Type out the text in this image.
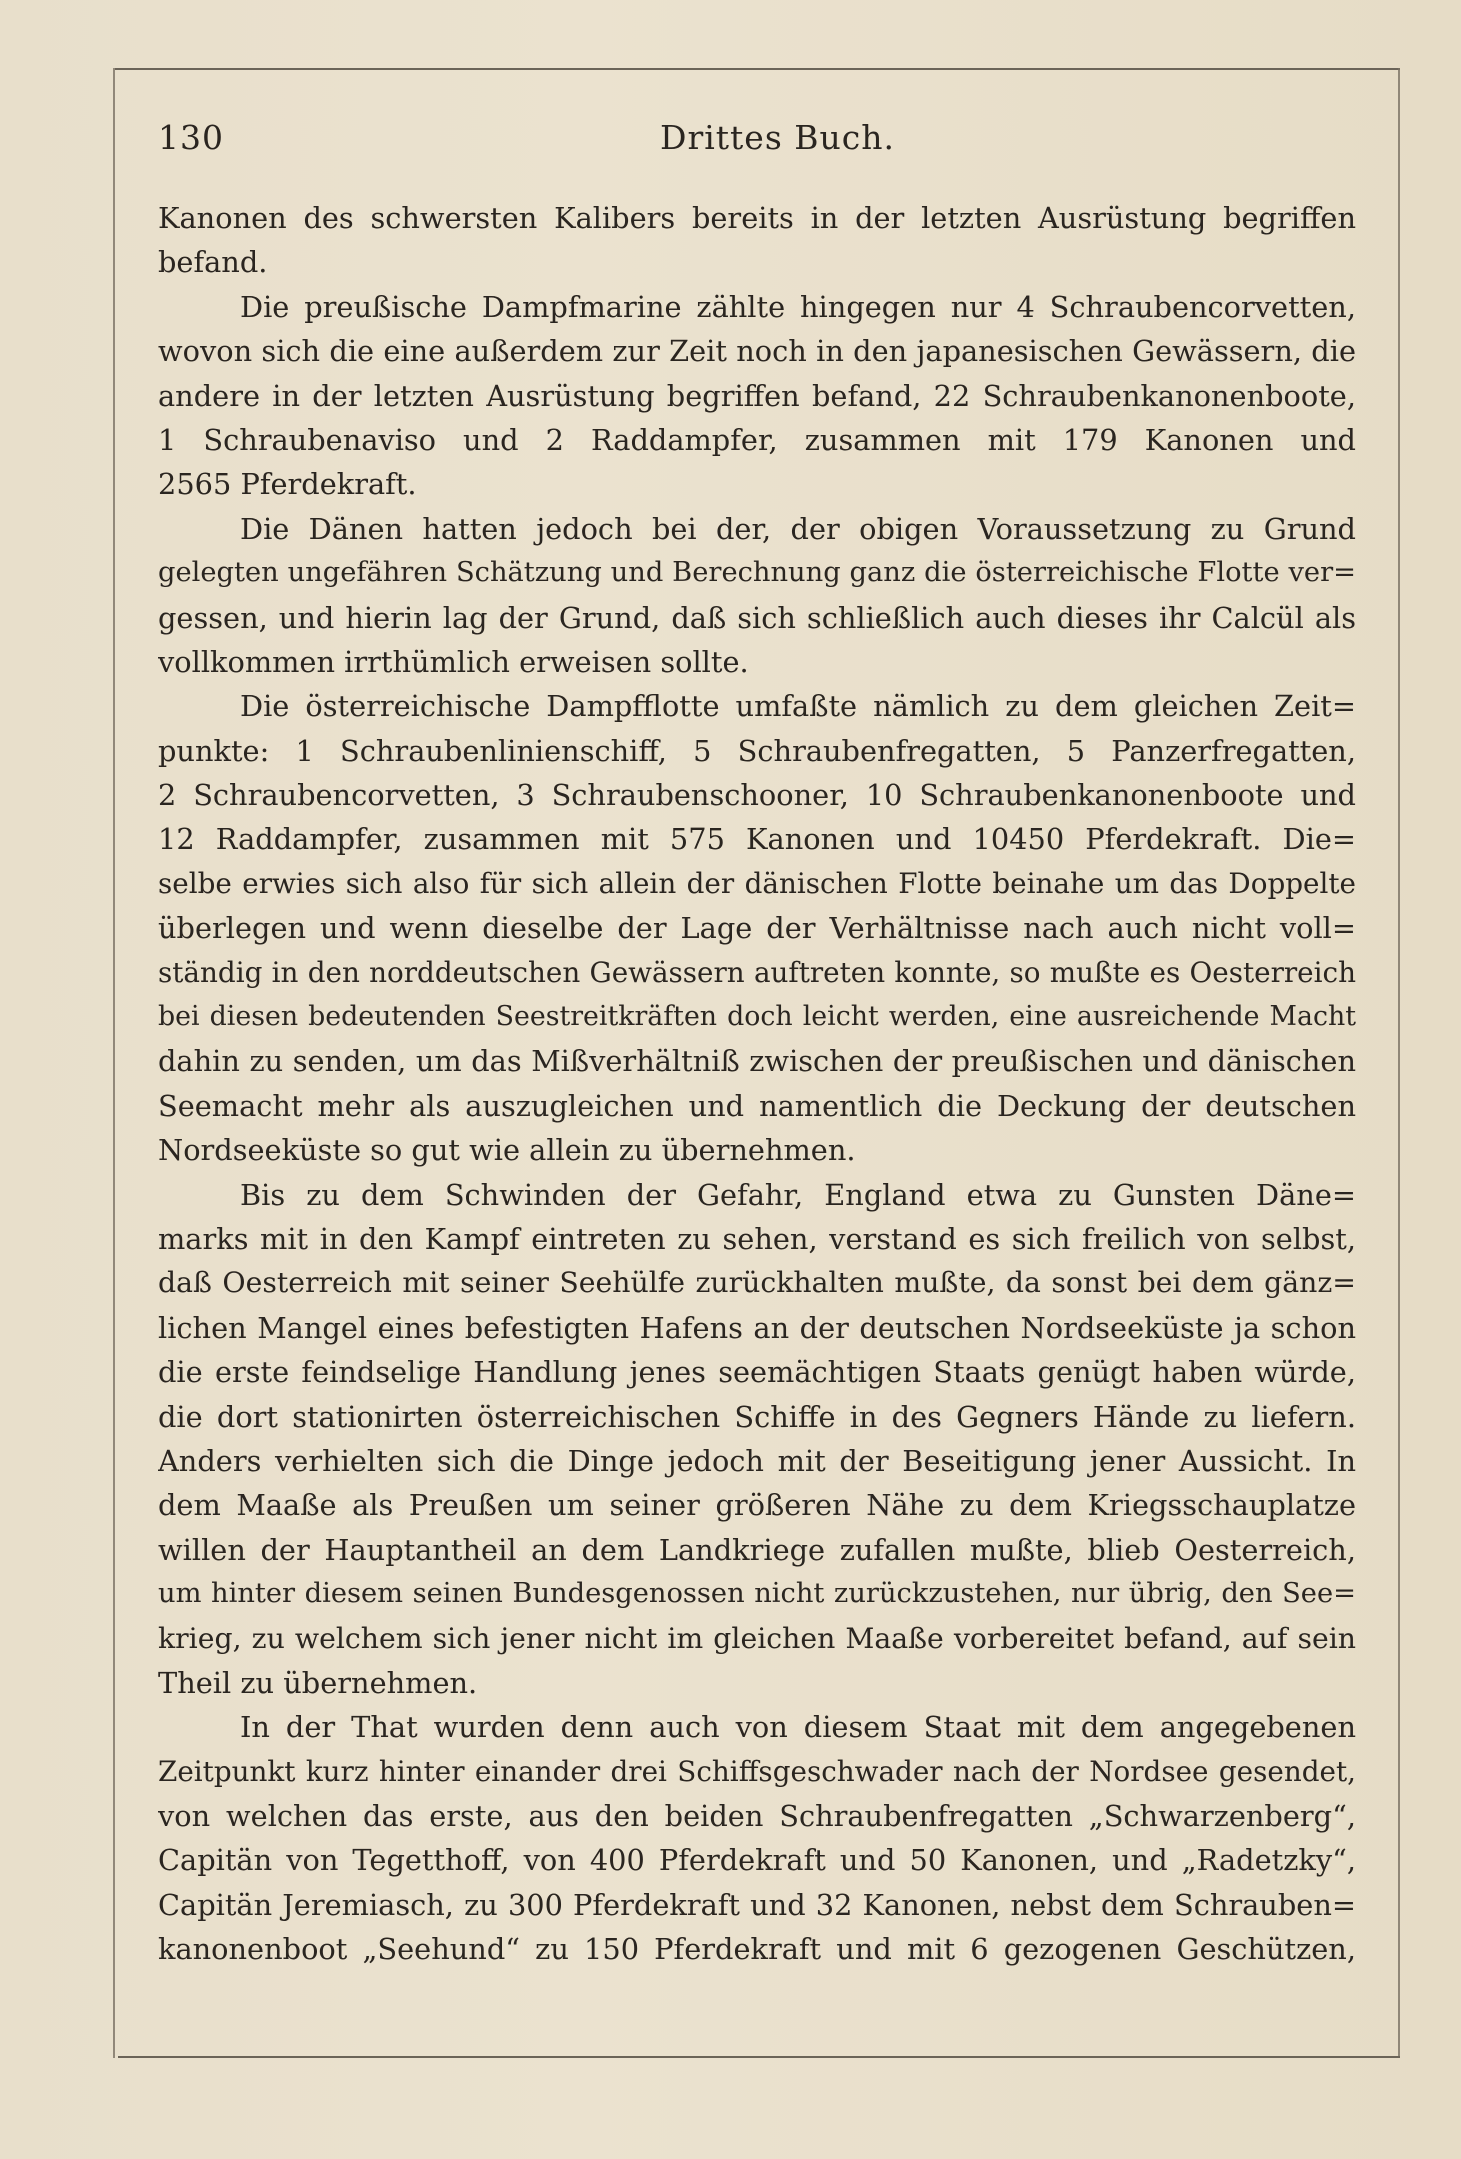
130	Drittes Buch.
Kanonen des schwersten Kalibers bereits in der letzten Ausrüstung begriffen
befand.
Die preußische Dampfmarine zählte hingegen nur 4 Schraubencorvetten,
wovon sich die eine außerdem zur Zeit noch in den japanesischen Gewässern, die
andere in der letzten Ausrüstung begriffen befand, 22 Schraubenkanonenboote,
1 Schraubenaviso und 2 Raddampfer, zusammen mit 179 Kanonen und
2565 Pferdekraft.
Die Dänen hatten jedoch bei der, der obigen Voraussetzung zu Grund
gelegten ungefähren Schätzung und Berechnung ganz die österreichische Flotte ver=
gessen, und hierin lag der Grund, daß sich schließlich auch dieses ihr Calcül als
vollkommen irrthümlich erweisen sollte.
Die österreichische Dampfflotte umfaßte nämlich zu dem gleichen Zeit=
punkte: 1 Schraubenlinienschiff, 5 Schraubenfregatten, 5 Panzerfregatten,
2 Schraubencorvetten, 3 Schraubenschooner, 10 Schraubenkanonenboote und
12 Raddampfer, zusammen mit 575 Kanonen und 10450 Pferdekraft. Die=
selbe erwies sich also für sich allein der dänischen Flotte beinahe um das Doppelte
überlegen und wenn dieselbe der Lage der Verhältnisse nach auch nicht voll=
ständig in den norddeutschen Gewässern auftreten konnte, so mußte es Oesterreich
bei diesen bedeutenden Seestreitkräften doch leicht werden, eine ausreichende Macht
dahin zu senden, um das Mißverhältniß zwischen der preußischen und dänischen
Seemacht mehr als auszugleichen und namentlich die Deckung der deutschen
Nordseeküste so gut wie allein zu übernehmen.
Bis zu dem Schwinden der Gefahr, England etwa zu Gunsten Däne=
marks mit in den Kampf eintreten zu sehen, verstand es sich freilich von selbst,
daß Oesterreich mit seiner Seehülfe zurückhalten mußte, da sonst bei dem gänz=
lichen Mangel eines befestigten Hafens an der deutschen Nordseeküste ja schon
die erste feindselige Handlung jenes seemächtigen Staats genügt haben würde,
die dort stationirten österreichischen Schiffe in des Gegners Hände zu liefern.
Anders verhielten sich die Dinge jedoch mit der Beseitigung jener Aussicht. In
dem Maaße als Preußen um seiner größeren Nähe zu dem Kriegsschauplatze
willen der Hauptantheil an dem Landkriege zufallen mußte, blieb Oesterreich,
um hinter diesem seinen Bundesgenossen nicht zurückzustehen, nur übrig, den See=
krieg, zu welchem sich jener nicht im gleichen Maaße vorbereitet befand, auf sein
Theil zu übernehmen.
In der That wurden denn auch von diesem Staat mit dem angegebenen
Zeitpunkt kurz hinter einander drei Schiffsgeschwader nach der Nordsee gesendet,
von welchen das erste, aus den beiden Schraubenfregatten „Schwarzenberg“,
Capitän von Tegetthoff, von 400 Pferdekraft und 50 Kanonen, und „Radetzky“,
Capitän Jeremiasch, zu 300 Pferdekraft und 32 Kanonen, nebst dem Schrauben=
kanonenboot „Seehund“ zu 150 Pferdekraft und mit 6 gezogenen Geschützen,
